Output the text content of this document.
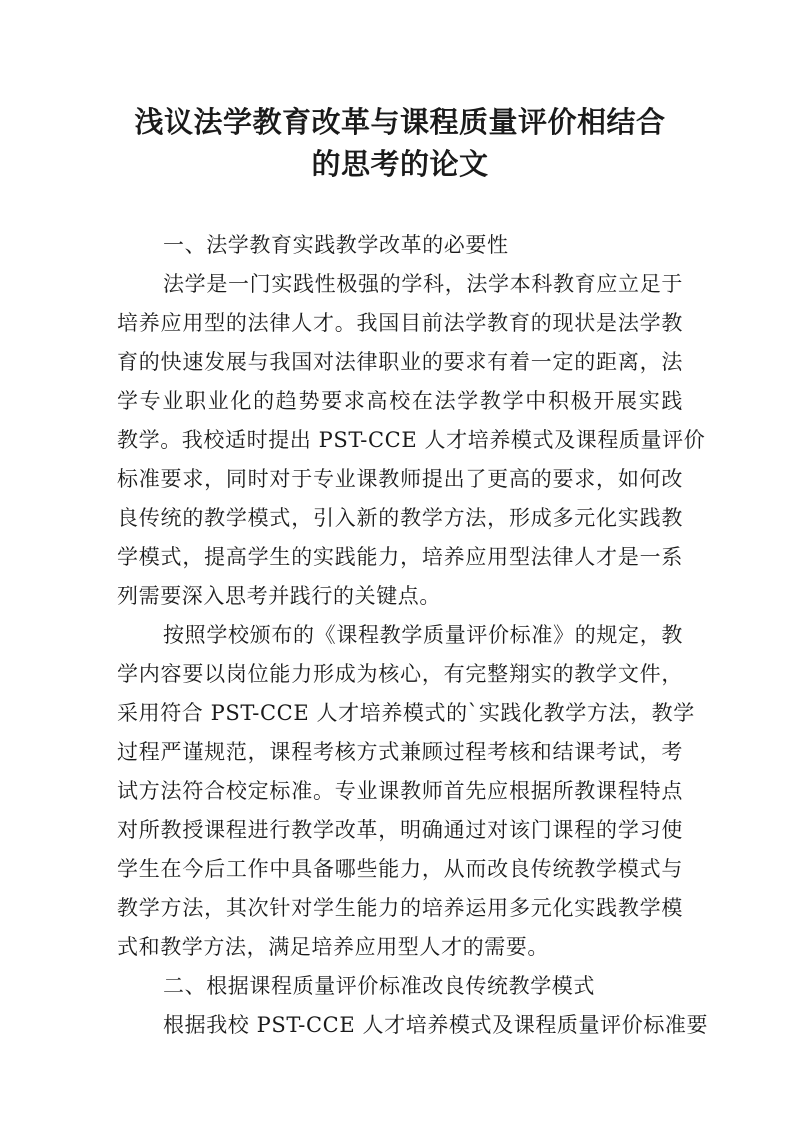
浅议法学教育改革与课程质量评价相结合
的思考的论文
一、法学教育实践教学改革的必要性
法学是一门实践性极强的学科，法学本科教育应立足于
培养应用型的法律人才。我国目前法学教育的现状是法学教
育的快速发展与我国对法律职业的要求有着一定的距离，法
学专业职业化的趋势要求高校在法学教学中积极开展实践
教学。我校适时提出 PST-CCE 人才培养模式及课程质量评价
标准要求，同时对于专业课教师提出了更高的要求，如何改
良传统的教学模式，引入新的教学方法，形成多元化实践教
学模式，提高学生的实践能力，培养应用型法律人才是一系
列需要深入思考并践行的关键点。
按照学校颁布的《课程教学质量评价标准》的规定，教
学内容要以岗位能力形成为核心，有完整翔实的教学文件，
采用符合 PST-CCE 人才培养模式的`实践化教学方法，教学
过程严谨规范，课程考核方式兼顾过程考核和结课考试，考
试方法符合校定标准。专业课教师首先应根据所教课程特点
对所教授课程进行教学改革，明确通过对该门课程的学习使
学生在今后工作中具备哪些能力，从而改良传统教学模式与
教学方法，其次针对学生能力的培养运用多元化实践教学模
式和教学方法，满足培养应用型人才的需要。
二、根据课程质量评价标准改良传统教学模式
根据我校 PST-CCE 人才培养模式及课程质量评价标准要
